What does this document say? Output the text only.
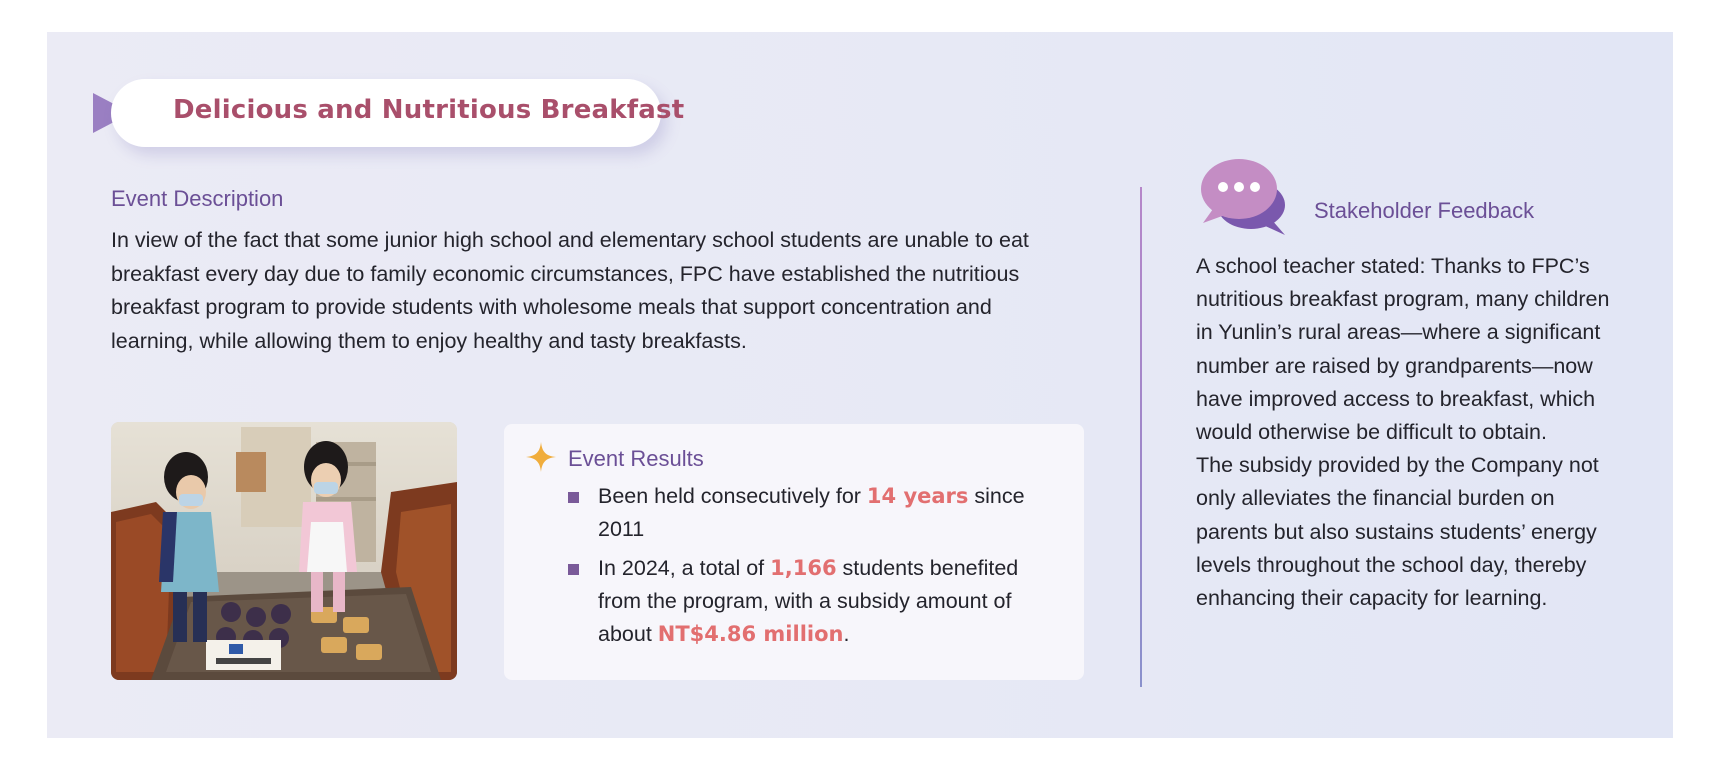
Delicious and Nutritious Breakfast
Event Description
In view of the fact that some junior high school and elementary school students are unable to eat breakfast every day due to family economic circumstances, FPC have established the nutritious breakfast program to provide students with wholesome meals that support concentration and learning, while allowing them to enjoy healthy and tasty breakfasts.
Event Results
Been held consecutively for 14 years since 2011
In 2024, a total of 1,166 students benefited from the program, with a subsidy amount of about NT$4.86 million.
Stakeholder Feedback

A school teacher stated: Thanks to FPC’s nutritious breakfast program, many children in Yunlin’s rural areas—where a significant number are raised by grandparents—now have improved access to breakfast, which would otherwise be difficult to obtain.

The subsidy provided by the Company not only alleviates the financial burden on parents but also sustains students’ energy levels throughout the school day, thereby enhancing their capacity for learning.
